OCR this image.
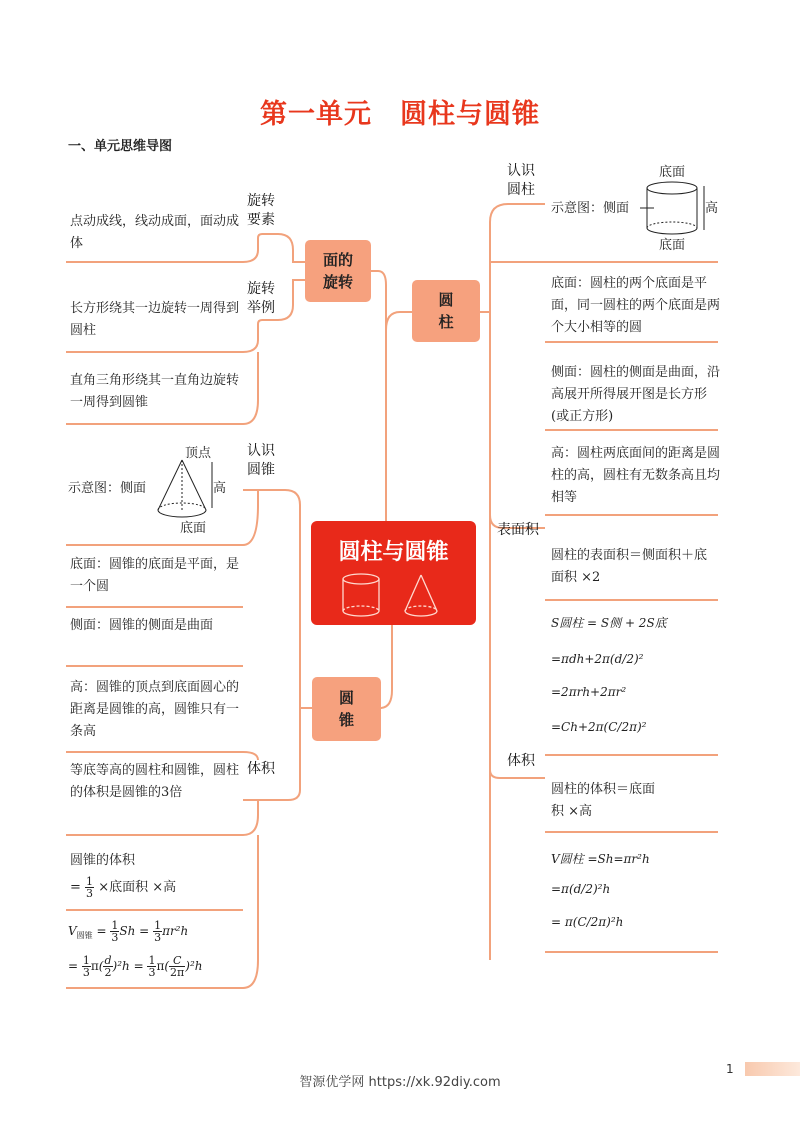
第一单元　圆柱与圆锥
一、单元思维导图
旋转要素
点动成线，线动成面，面动成体
旋转举例
长方形绕其一边旋转一周得到圆柱
直角三角形绕其一直角边旋转一周得到圆锥
面的旋转
圆柱与圆锥
圆柱
圆锥
认识圆锥
示意图：侧面
顶点
高
底面
底面：圆锥的底面是平面，是一个圆
侧面：圆锥的侧面是曲面
高：圆锥的顶点到底面圆心的距离是圆锥的高，圆锥只有一条高
体积
等底等高的圆柱和圆锥，圆柱的体积是圆锥的3倍
圆锥的体积
= $\frac{1}{3}$ ×底面积 ×高
$V_{圆锥} = \frac{1}{3}$ $Sh = \frac{1}{3} \pi r^2h$
= $\frac{1}{3} \pi( \frac{d}{2} )^2h = \frac{1}{3} \pi( \frac{C}{2\pi} )^2h$
认识圆柱
示意图：侧面
底面
高
底面
底面：圆柱的两个底面是平面，同一圆柱的两个底面是两个大小相等的圆
侧面：圆柱的侧面是曲面，沿高展开所得展开图是长方形(或正方形)
高：圆柱两底面间的距离是圆柱的高，圆柱有无数条高且均相等
表面积
圆柱的表面积＝侧面积＋底面积 ×2
S圆柱 = S侧 + 2S底
=πdh+2π(d/2)²
=2πrh+2πr²
=Ch+2π(C/2π)²
体积
圆柱的体积＝底面积 ×高
V圆柱 =Sh=πr²h
=π(d/2)²h
= π(C/2π)²h
1
智源优学网 https://xk.92diy.com
